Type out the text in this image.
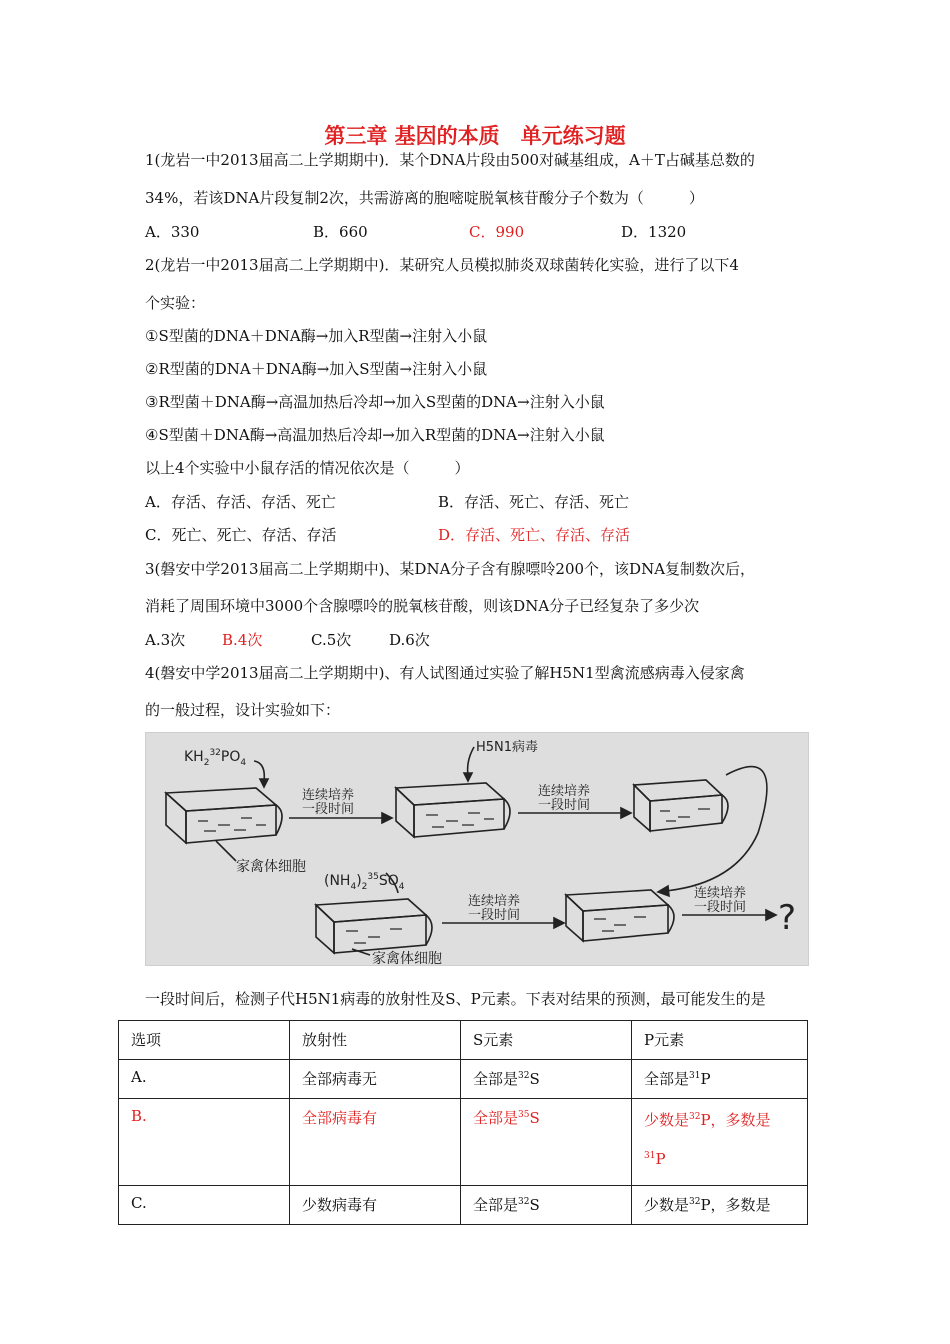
第三章 基因的本质　单元练习题
1(龙岩一中2013届高二上学期期中)．某个DNA片段由500对碱基组成，A＋T占碱基总数的
34%，若该DNA片段复制2次，共需游离的胞嘧啶脱氧核苷酸分子个数为（　　　）
A．330	B．660	C．990	D．1320
2(龙岩一中2013届高二上学期期中)．某研究人员模拟肺炎双球菌转化实验，进行了以下4
个实验：
①S型菌的DNA＋DNA酶→加入R型菌→注射入小鼠
②R型菌的DNA＋DNA酶→加入S型菌→注射入小鼠
③R型菌＋DNA酶→高温加热后冷却→加入S型菌的DNA→注射入小鼠
④S型菌＋DNA酶→高温加热后冷却→加入R型菌的DNA→注射入小鼠
以上4个实验中小鼠存活的情况依次是（　　　）
A．存活、存活、存活、死亡	B．存活、死亡、存活、死亡
C．死亡、死亡、存活、存活	D．存活、死亡、存活、存活
3(磐安中学2013届高二上学期期中)、某DNA分子含有腺嘌呤200个，该DNA复制数次后，
消耗了周围环境中3000个含腺嘌呤的脱氧核苷酸，则该DNA分子已经复杂了多少次
A.3次 B.4次	C.5次	D.6次
4(磐安中学2013届高二上学期期中)、有人试图通过实验了解H5N1型禽流感病毒入侵家禽
的一般过程，设计实验如下：
$KH_2^{32}PO_4$
连续培养
一段时间
H5N1病毒
连续培养
一段时间
家禽体细胞
$(NH_4)_2^{35}SO_4$
连续培养
一段时间
家禽体细胞
连续培养
一段时间 ?
一段时间后，检测子代H5N1病毒的放射性及S、P元素。下表对结果的预测，最可能发生的是
选项	放射性	S元素	P元素
A.	全部病毒无	全部是$^{32}$S	全部是$^{31}$P
B.	全部病毒有	全部是$^{35}$S	少数是$^{32}$P，多数是
$^{31}$P
C.	少数病毒有	全部是$^{32}$S	少数是$^{32}$P，多数是
